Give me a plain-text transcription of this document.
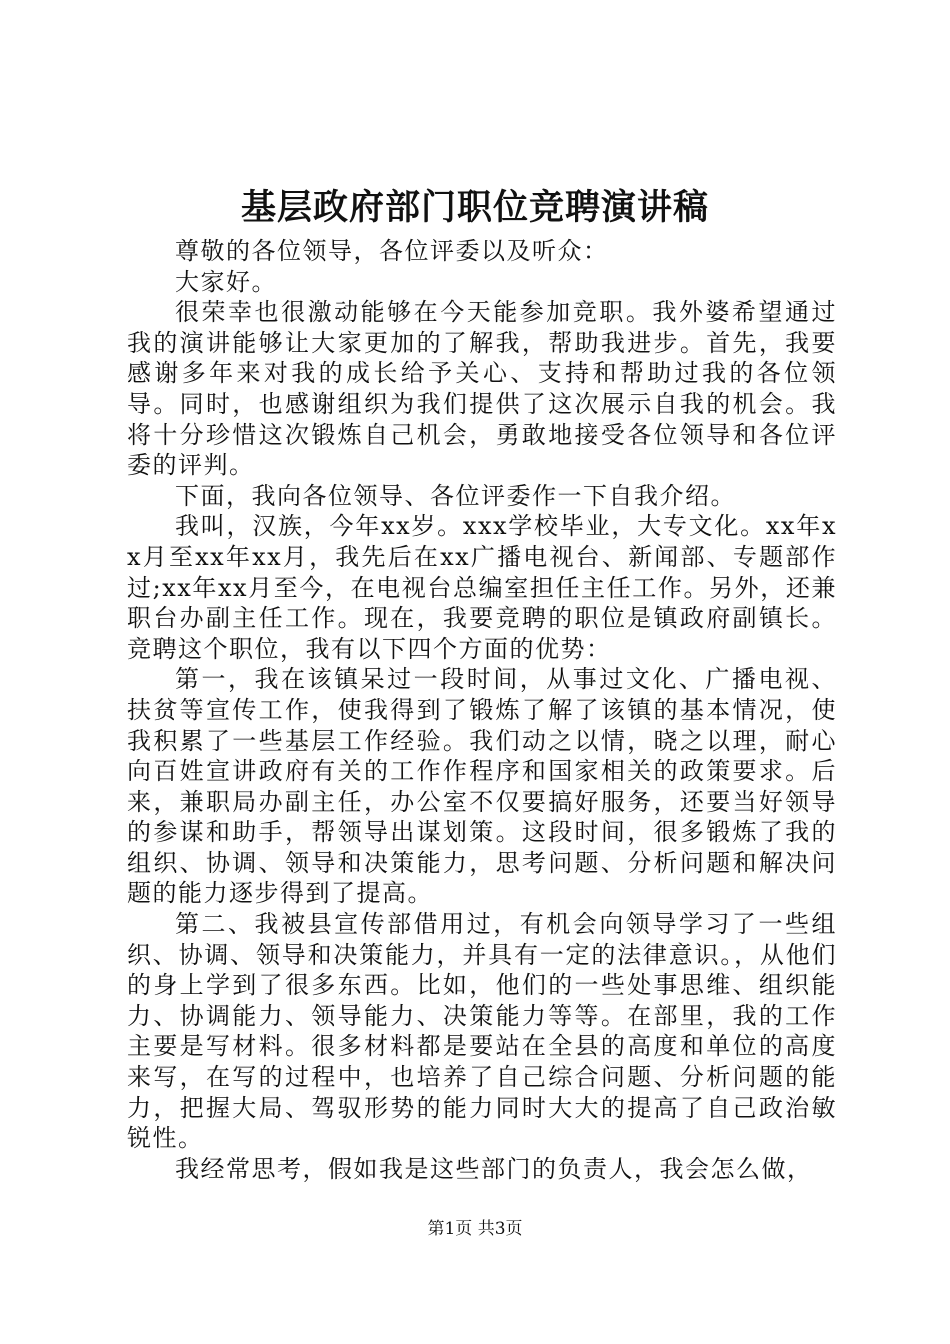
基层政府部门职位竞聘演讲稿

尊敬的各位领导，各位评委以及听众：

大家好。

很荣幸也很激动能够在今天能参加竞职。我外婆希望通过我的演讲能够让大家更加的了解我，帮助我进步。首先，我要感谢多年来对我的成长给予关心、支持和帮助过我的各位领导。同时，也感谢组织为我们提供了这次展示自我的机会。我将十分珍惜这次锻炼自己机会，勇敢地接受各位领导和各位评委的评判。

下面，我向各位领导、各位评委作一下自我介绍。

我叫，汉族，今年xx岁。xxx学校毕业，大专文化。xx年xx月至xx年xx月，我先后在xx广播电视台、新闻部、专题部作过;xx年xx月至今，在电视台总编室担任主任工作。另外，还兼职台办副主任工作。现在，我要竞聘的职位是镇政府副镇长。竞聘这个职位，我有以下四个方面的优势：

第一，我在该镇呆过一段时间，从事过文化、广播电视、扶贫等宣传工作，使我得到了锻炼了解了该镇的基本情况，使我积累了一些基层工作经验。我们动之以情，晓之以理，耐心向百姓宣讲政府有关的工作作程序和国家相关的政策要求。后来，兼职局办副主任，办公室不仅要搞好服务，还要当好领导的参谋和助手，帮领导出谋划策。这段时间，很多锻炼了我的组织、协调、领导和决策能力，思考问题、分析问题和解决问题的能力逐步得到了提高。

第二、我被县宣传部借用过，有机会向领导学习了一些组织、协调、领导和决策能力，并具有一定的法律意识。，从他们的身上学到了很多东西。比如，他们的一些处事思维、组织能力、协调能力、领导能力、决策能力等等。在部里，我的工作主要是写材料。很多材料都是要站在全县的高度和单位的高度来写，在写的过程中，也培养了自己综合问题、分析问题的能力，把握大局、驾驭形势的能力同时大大的提高了自己政治敏锐性。

我经常思考，假如我是这些部门的负责人，我会怎么做，

第1页 共3页
